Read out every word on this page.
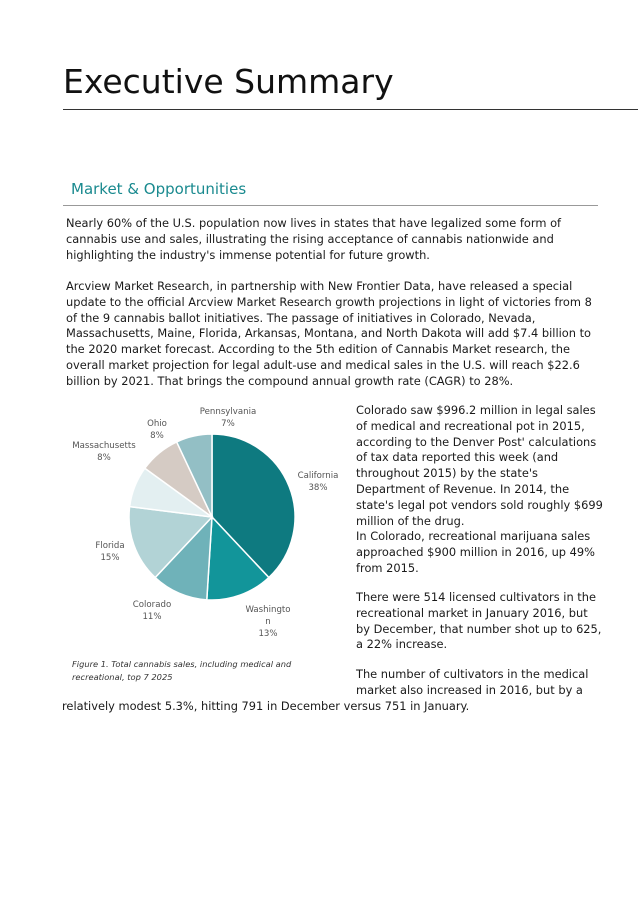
Executive Summary
Market & Opportunities

Nearly 60% of the U.S. population now lives in states that have legalized some form of cannabis use and sales, illustrating the rising acceptance of cannabis nationwide and highlighting the industry's immense potential for future growth.

Arcview Market Research, in partnership with New Frontier Data, have released a special update to the official Arcview Market Research growth projections in light of victories from 8 of the 9 cannabis ballot initiatives. The passage of initiatives in Colorado, Nevada, Massachusetts, Maine, Florida, Arkansas, Montana, and North Dakota will add $7.4 billion to the 2020 market forecast. According to the 5th edition of Cannabis Market research, the overall market projection for legal adult-use and medical sales in the U.S. will reach $22.6 billion by 2021. That brings the compound annual growth rate (CAGR) to 28%.

California 38%
Washingto n 13%
Colorado 11%
Florida 15%
Massachusetts 8%
Ohio 8%
Pennsylvania 7%

Figure 1. Total cannabis sales, including medical and recreational, top 7 2025

Colorado saw $996.2 million in legal sales of medical and recreational pot in 2015, according to the Denver Post' calculations of tax data reported this week (and throughout 2015) by the state's Department of Revenue. In 2014, the state's legal pot vendors sold roughly $699 million of the drug.

In Colorado, recreational marijuana sales approached $900 million in 2016, up 49% from 2015.

There were 514 licensed cultivators in the recreational market in January 2016, but by December, that number shot up to 625, a 22% increase.

The number of cultivators in the medical market also increased in 2016, but by a

relatively modest 5.3%, hitting 791 in December versus 751 in January.
